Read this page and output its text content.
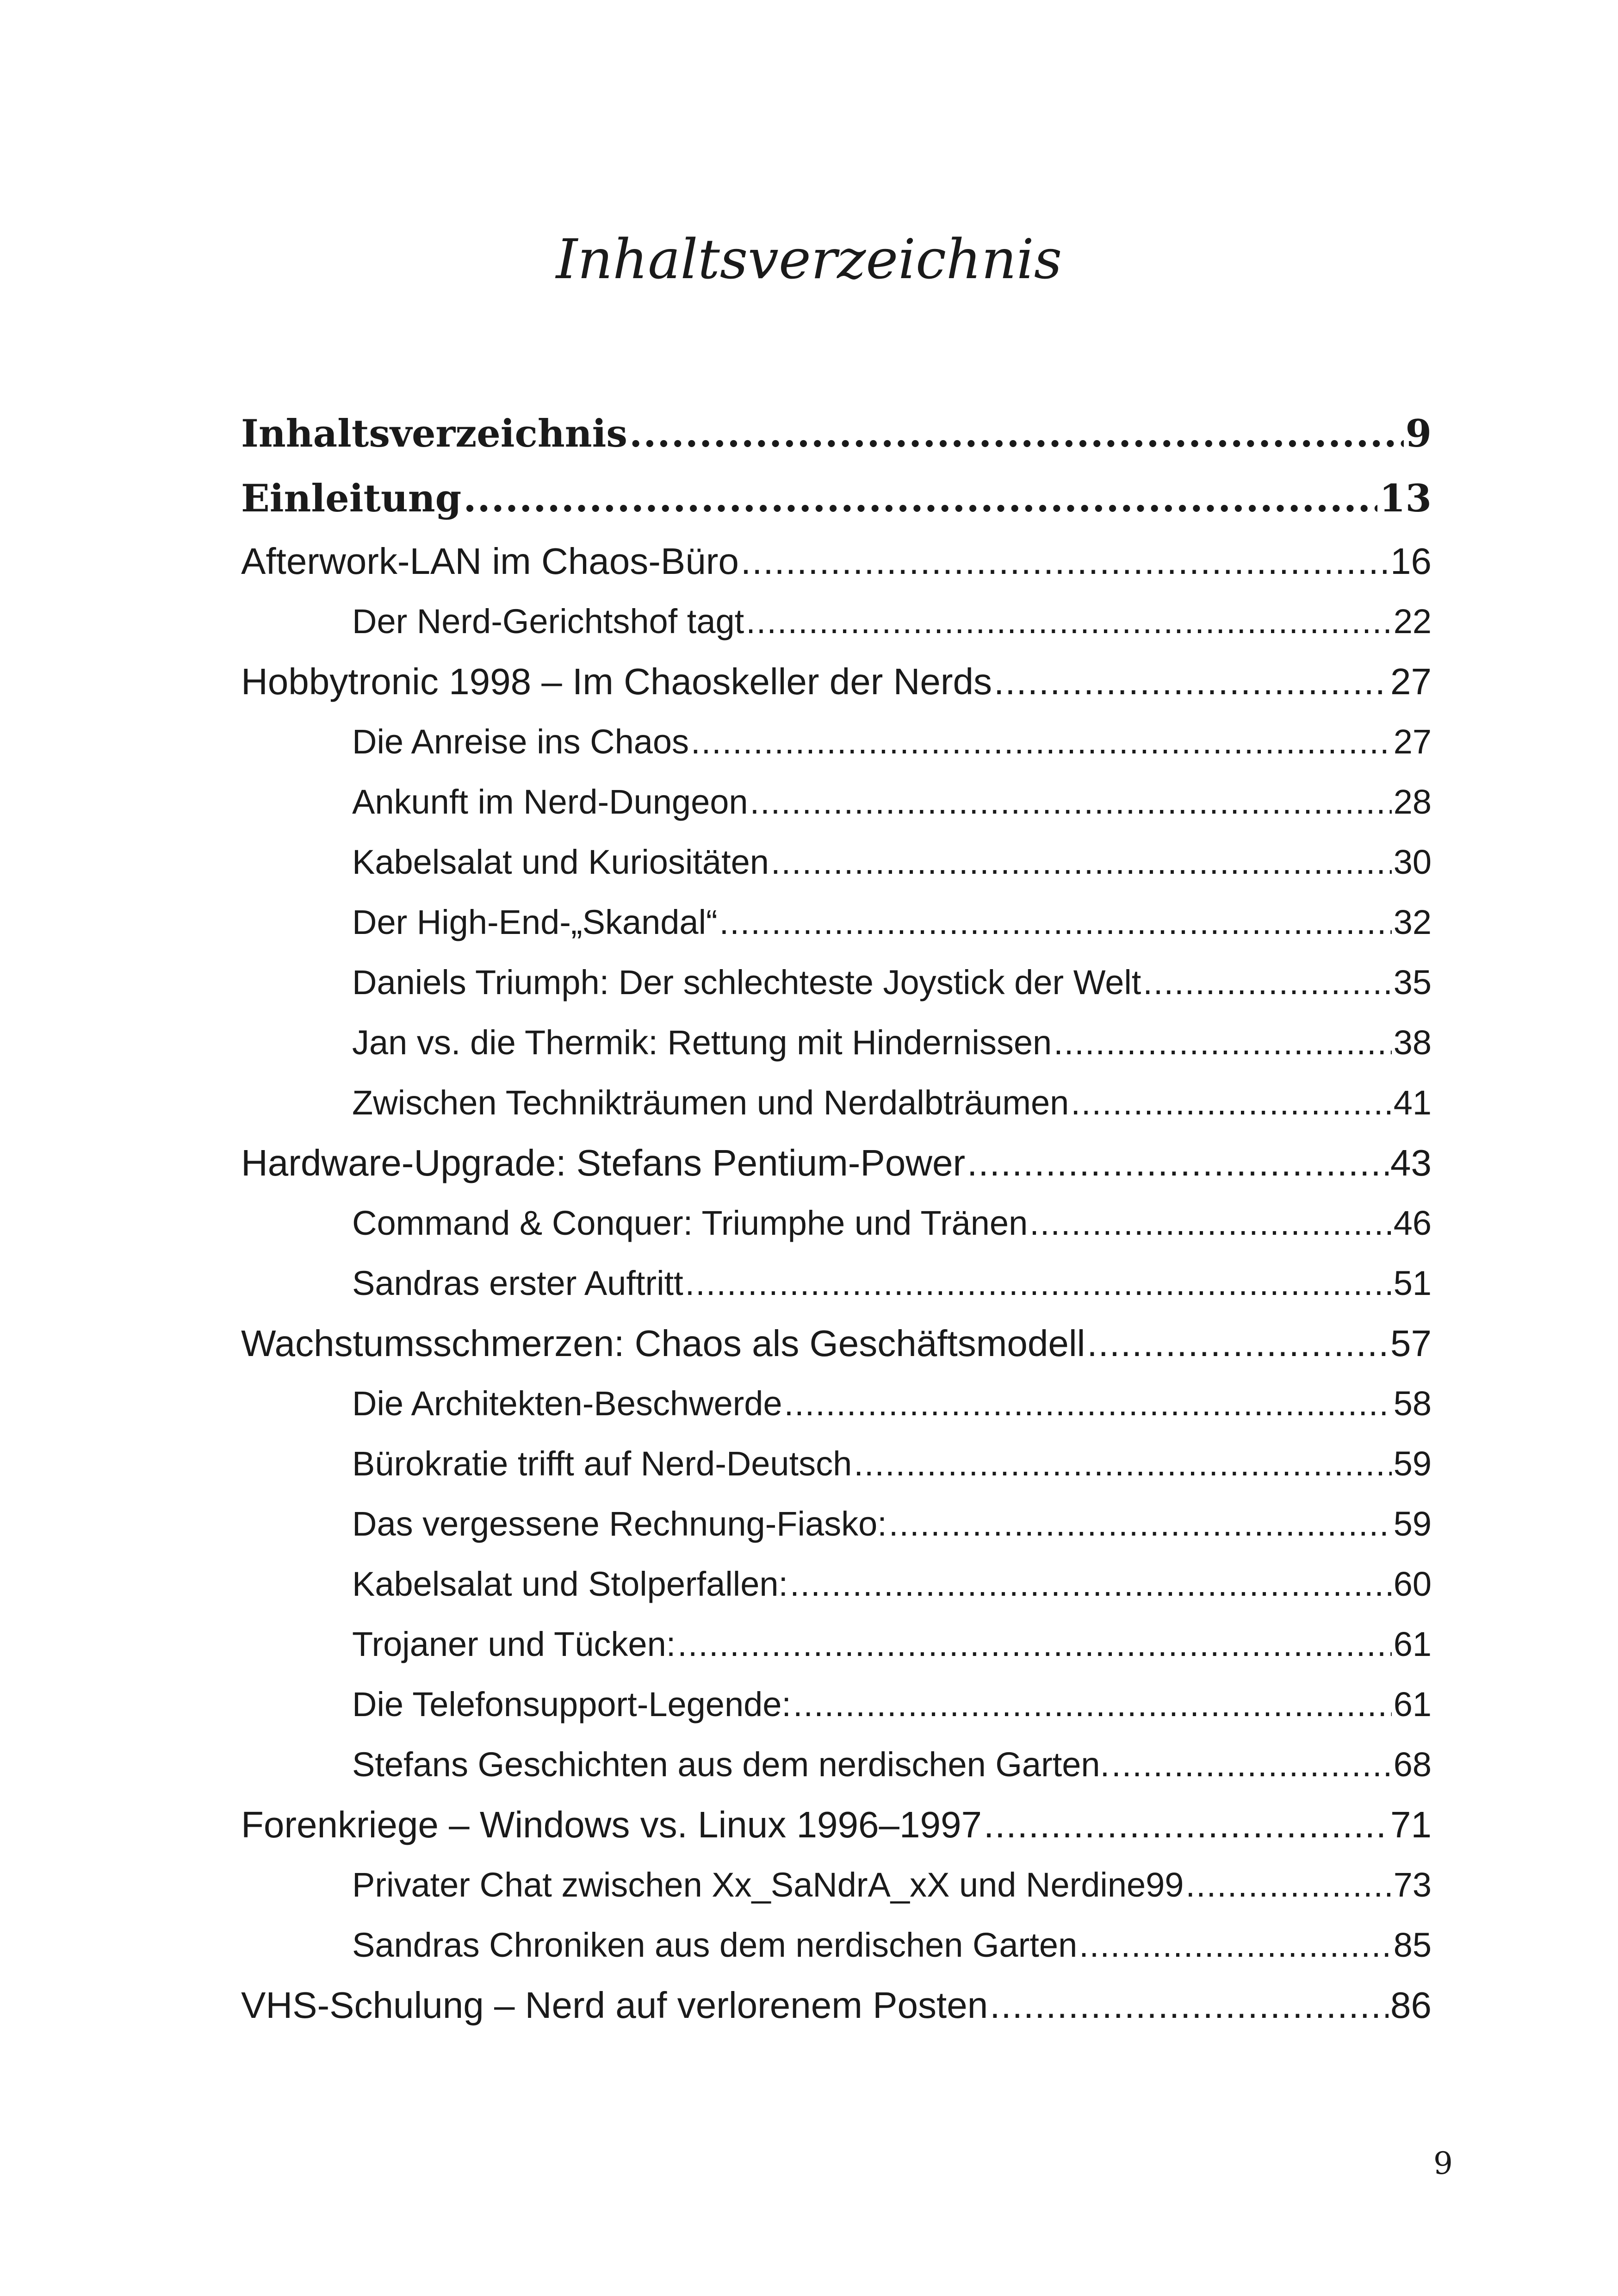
Inhaltsverzeichnis
Inhaltsverzeichnis .....	9
Einleitung .....	13
Afterwork-LAN im Chaos-Büro .....	16
Der Nerd-Gerichtshof tagt .....	22
Hobbytronic 1998 – Im Chaoskeller der Nerds .....	27
Die Anreise ins Chaos .....	27
Ankunft im Nerd-Dungeon .....	28
Kabelsalat und Kuriositäten .....	30
Der High-End-„Skandal“ .....	32
Daniels Triumph: Der schlechteste Joystick der Welt .....	35
Jan vs. die Thermik: Rettung mit Hindernissen .....	38
Zwischen Technikträumen und Nerdalbträumen .....	41
Hardware-Upgrade: Stefans Pentium-Power .....	43
Command & Conquer: Triumphe und Tränen .....	46
Sandras erster Auftritt .....	51
Wachstumsschmerzen: Chaos als Geschäftsmodell .....	57
Die Architekten-Beschwerde .....	58
Bürokratie trifft auf Nerd-Deutsch .....	59
Das vergessene Rechnung-Fiasko: .....	59
Kabelsalat und Stolperfallen: .....	60
Trojaner und Tücken: .....	61
Die Telefonsupport-Legende: .....	61
Stefans Geschichten aus dem nerdischen Garten. .....	68
Forenkriege – Windows vs. Linux 1996–1997 .....	71
Privater Chat zwischen Xx_SaNdrA_xX und Nerdine99 .....	73
Sandras Chroniken aus dem nerdischen Garten .....	85
VHS-Schulung – Nerd auf verlorenem Posten .....	86
9
